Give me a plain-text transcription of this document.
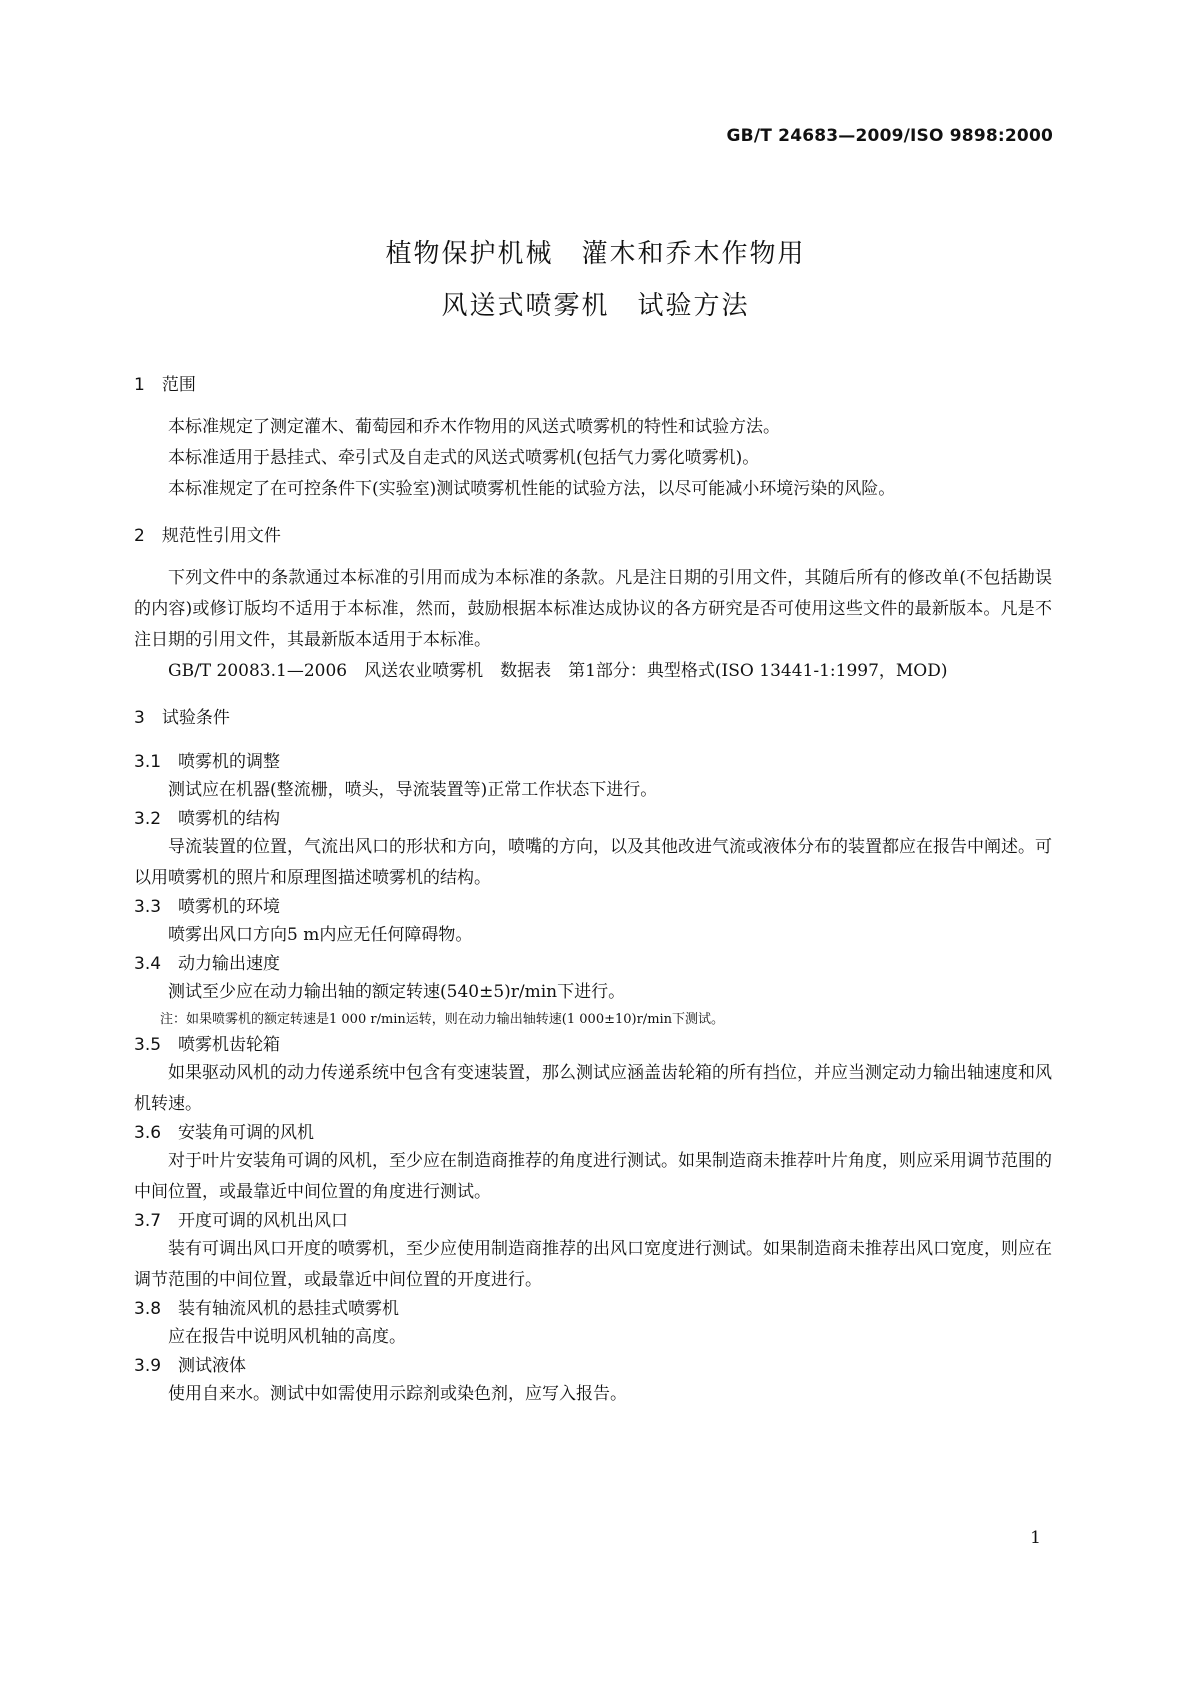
GB/T 24683—2009/ISO 9898:2000
植物保护机械　灌木和乔木作物用
风送式喷雾机　试验方法
1　范围
本标准规定了测定灌木、葡萄园和乔木作物用的风送式喷雾机的特性和试验方法。
本标准适用于悬挂式、牵引式及自走式的风送式喷雾机(包括气力雾化喷雾机)。
本标准规定了在可控条件下(实验室)测试喷雾机性能的试验方法，以尽可能减小环境污染的风险。
2　规范性引用文件
下列文件中的条款通过本标准的引用而成为本标准的条款。凡是注日期的引用文件，其随后所有的修改单(不包括勘误的内容)或修订版均不适用于本标准，然而，鼓励根据本标准达成协议的各方研究是否可使用这些文件的最新版本。凡是不注日期的引用文件，其最新版本适用于本标准。
GB/T 20083.1—2006　风送农业喷雾机　数据表　第1部分：典型格式(ISO 13441-1:1997，MOD)
3　试验条件
3.1　喷雾机的调整
测试应在机器(整流栅，喷头，导流装置等)正常工作状态下进行。
3.2　喷雾机的结构
导流装置的位置，气流出风口的形状和方向，喷嘴的方向，以及其他改进气流或液体分布的装置都应在报告中阐述。可以用喷雾机的照片和原理图描述喷雾机的结构。
3.3　喷雾机的环境
喷雾出风口方向5 m内应无任何障碍物。
3.4　动力输出速度
测试至少应在动力输出轴的额定转速(540±5)r/min下进行。
注：如果喷雾机的额定转速是1 000 r/min运转，则在动力输出轴转速(1 000±10)r/min下测试。
3.5　喷雾机齿轮箱
如果驱动风机的动力传递系统中包含有变速装置，那么测试应涵盖齿轮箱的所有挡位，并应当测定动力输出轴速度和风机转速。
3.6　安装角可调的风机
对于叶片安装角可调的风机，至少应在制造商推荐的角度进行测试。如果制造商未推荐叶片角度，则应采用调节范围的中间位置，或最靠近中间位置的角度进行测试。
3.7　开度可调的风机出风口
装有可调出风口开度的喷雾机，至少应使用制造商推荐的出风口宽度进行测试。如果制造商未推荐出风口宽度，则应在调节范围的中间位置，或最靠近中间位置的开度进行。
3.8　装有轴流风机的悬挂式喷雾机
应在报告中说明风机轴的高度。
3.9　测试液体
使用自来水。测试中如需使用示踪剂或染色剂，应写入报告。
1
